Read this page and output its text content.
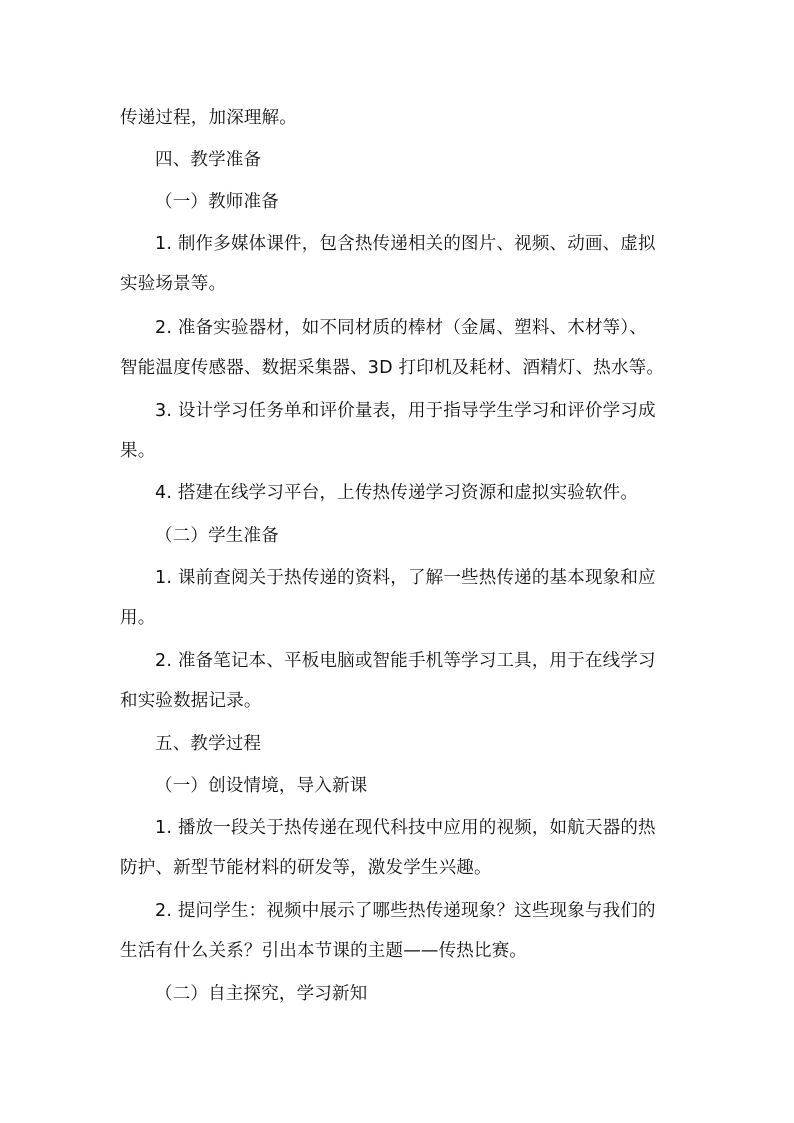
传递过程，加深理解。
四、教学准备
（一）教师准备
1. 制作多媒体课件，包含热传递相关的图片、视频、动画、虚拟
实验场景等。
2. 准备实验器材，如不同材质的棒材（金属、塑料、木材等）、
智能温度传感器、数据采集器、3D 打印机及耗材、酒精灯、热水等。
3. 设计学习任务单和评价量表，用于指导学生学习和评价学习成
果。
4. 搭建在线学习平台，上传热传递学习资源和虚拟实验软件。
（二）学生准备
1. 课前查阅关于热传递的资料，了解一些热传递的基本现象和应
用。
2. 准备笔记本、平板电脑或智能手机等学习工具，用于在线学习
和实验数据记录。
五、教学过程
（一）创设情境，导入新课
1. 播放一段关于热传递在现代科技中应用的视频，如航天器的热
防护、新型节能材料的研发等，激发学生兴趣。
2. 提问学生：视频中展示了哪些热传递现象？这些现象与我们的
生活有什么关系？引出本节课的主题——传热比赛。
（二）自主探究，学习新知
